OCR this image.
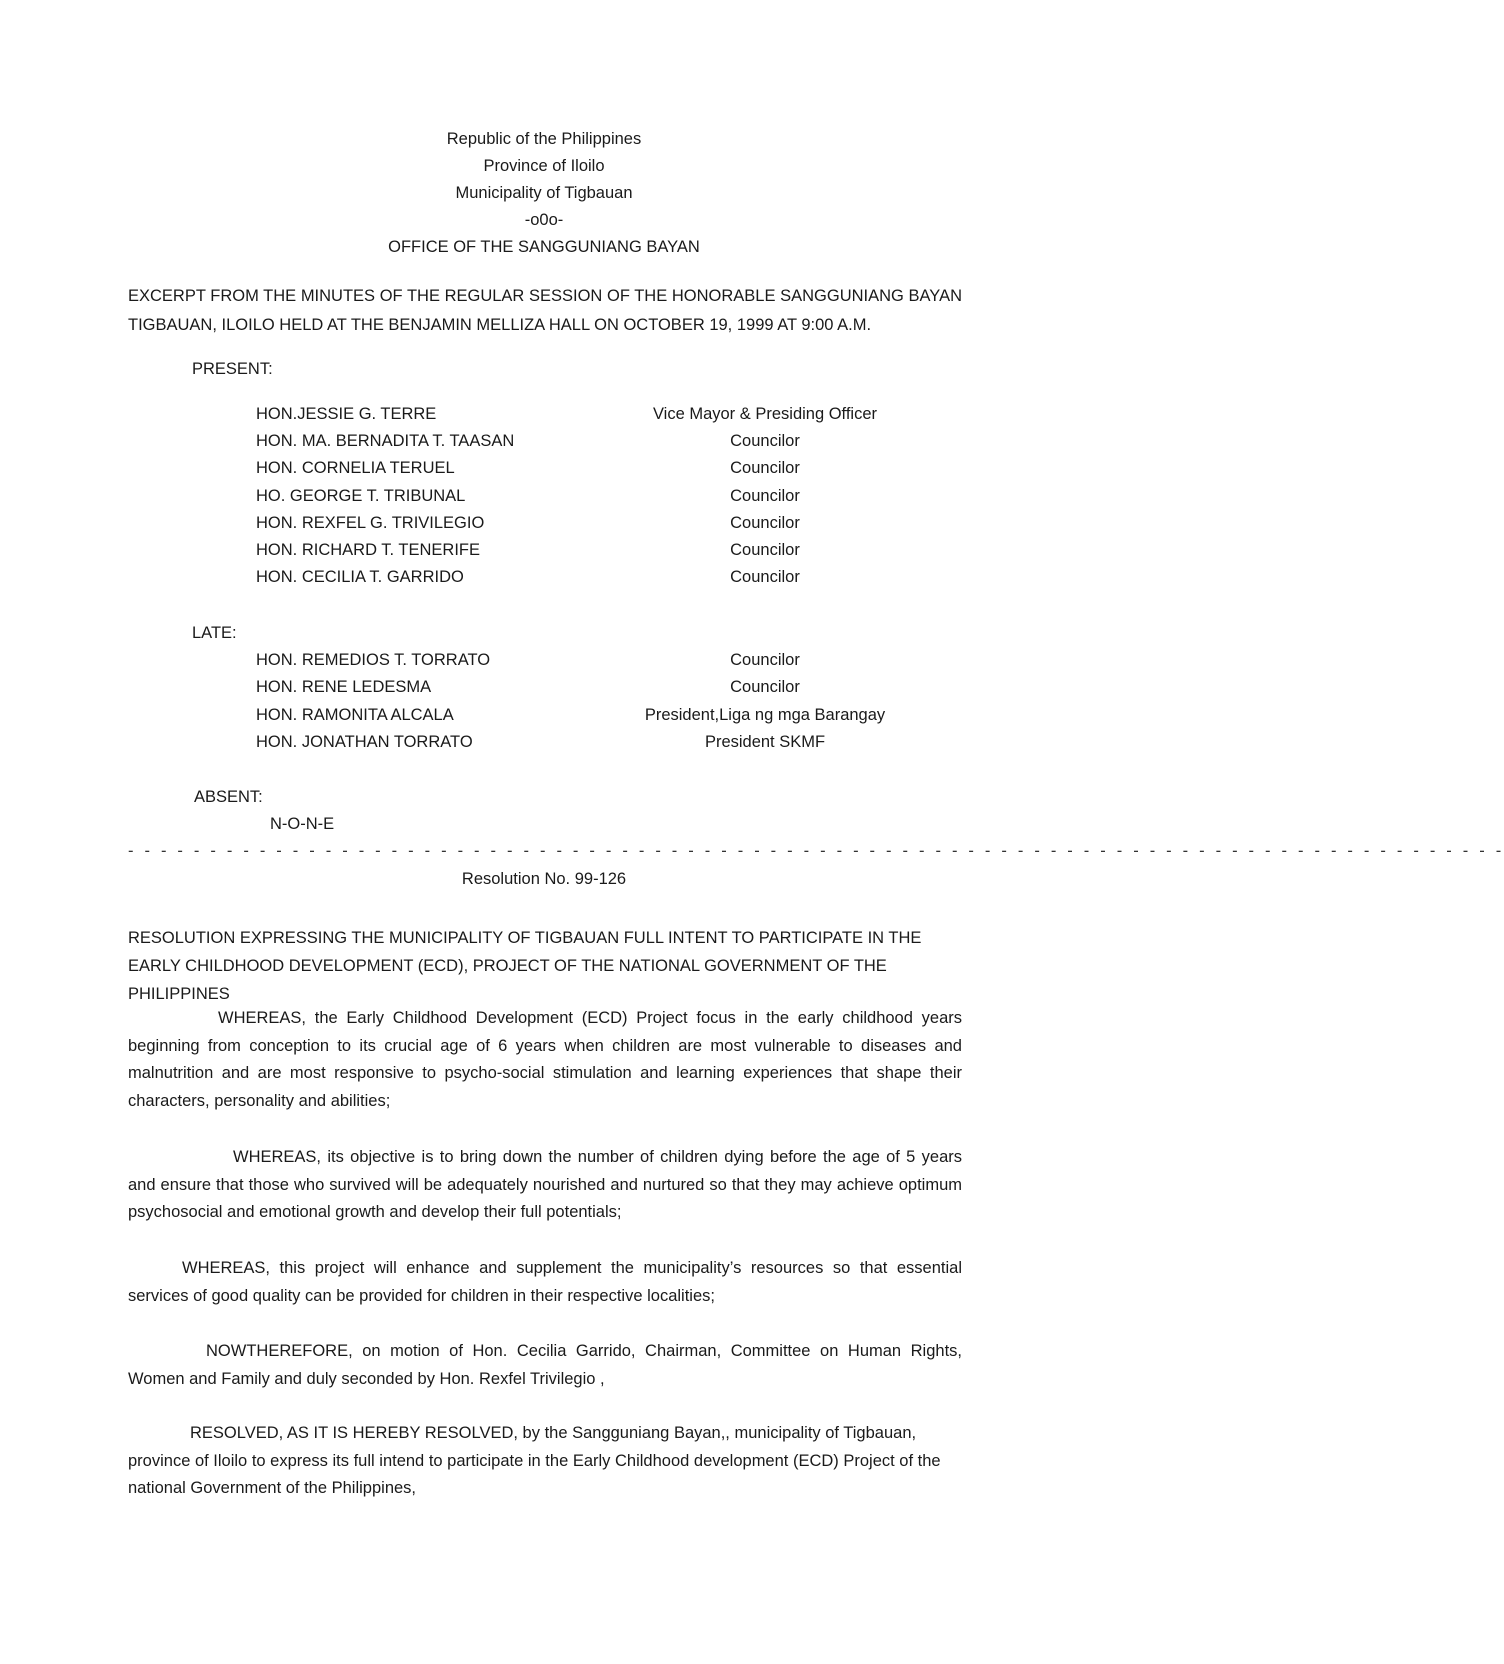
Republic of the Philippines
Province of Iloilo
Municipality of Tigbauan
-o0o-
OFFICE OF THE SANGGUNIANG BAYAN
EXCERPT FROM THE MINUTES OF THE REGULAR SESSION OF THE HONORABLE SANGGUNIANG BAYAN TIGBAUAN, ILOILO HELD AT THE BENJAMIN MELLIZA HALL ON OCTOBER 19, 1999 AT 9:00 A.M.
PRESENT:
HON.JESSIE G. TERRE	Vice Mayor & Presiding Officer
HON. MA. BERNADITA T. TAASAN	Councilor
HON. CORNELIA TERUEL	Councilor
HO. GEORGE T. TRIBUNAL	Councilor
HON. REXFEL G. TRIVILEGIO	Councilor
HON. RICHARD T. TENERIFE	Councilor
HON. CECILIA T. GARRIDO	Councilor
LATE:
HON. REMEDIOS T. TORRATO	Councilor
HON. RENE LEDESMA	Councilor
HON. RAMONITA ALCALA	President,Liga ng mga Barangay
HON. JONATHAN TORRATO	President SKMF
ABSENT:
N-O-N-E
- - - - - - - - - - - - - - - - - - - - - - - - - - - - - - - - - - - - - - - - - - - - - - - - - - - - - - - - - - - - - - - - - - - - - - - - - - - - - - - - - - - -
Resolution No. 99-126
RESOLUTION EXPRESSING THE MUNICIPALITY OF TIGBAUAN FULL INTENT TO PARTICIPATE IN THE EARLY CHILDHOOD DEVELOPMENT (ECD), PROJECT OF THE NATIONAL GOVERNMENT OF THE PHILIPPINES
WHEREAS, the Early Childhood Development (ECD) Project focus in the early childhood years beginning from conception to its crucial age of 6 years when children are most vulnerable to diseases and malnutrition and are most responsive to psycho-social stimulation and learning experiences that shape their characters, personality and abilities;
WHEREAS, its objective is to bring down the number of children dying before the age of 5 years and ensure that those who survived will be adequately nourished and nurtured so that they may achieve optimum psychosocial and emotional growth and develop their full potentials;
WHEREAS, this project will enhance and supplement the municipality’s resources so that essential services of good quality can be provided for children in their respective localities;
NOWTHEREFORE, on motion of Hon. Cecilia Garrido, Chairman, Committee on Human Rights, Women and Family and duly seconded by Hon. Rexfel Trivilegio ,
RESOLVED, AS IT IS HEREBY RESOLVED, by the Sangguniang Bayan,, municipality of Tigbauan, province of Iloilo to express its full intend to participate in the Early Childhood development (ECD) Project of the national Government of the Philippines,
